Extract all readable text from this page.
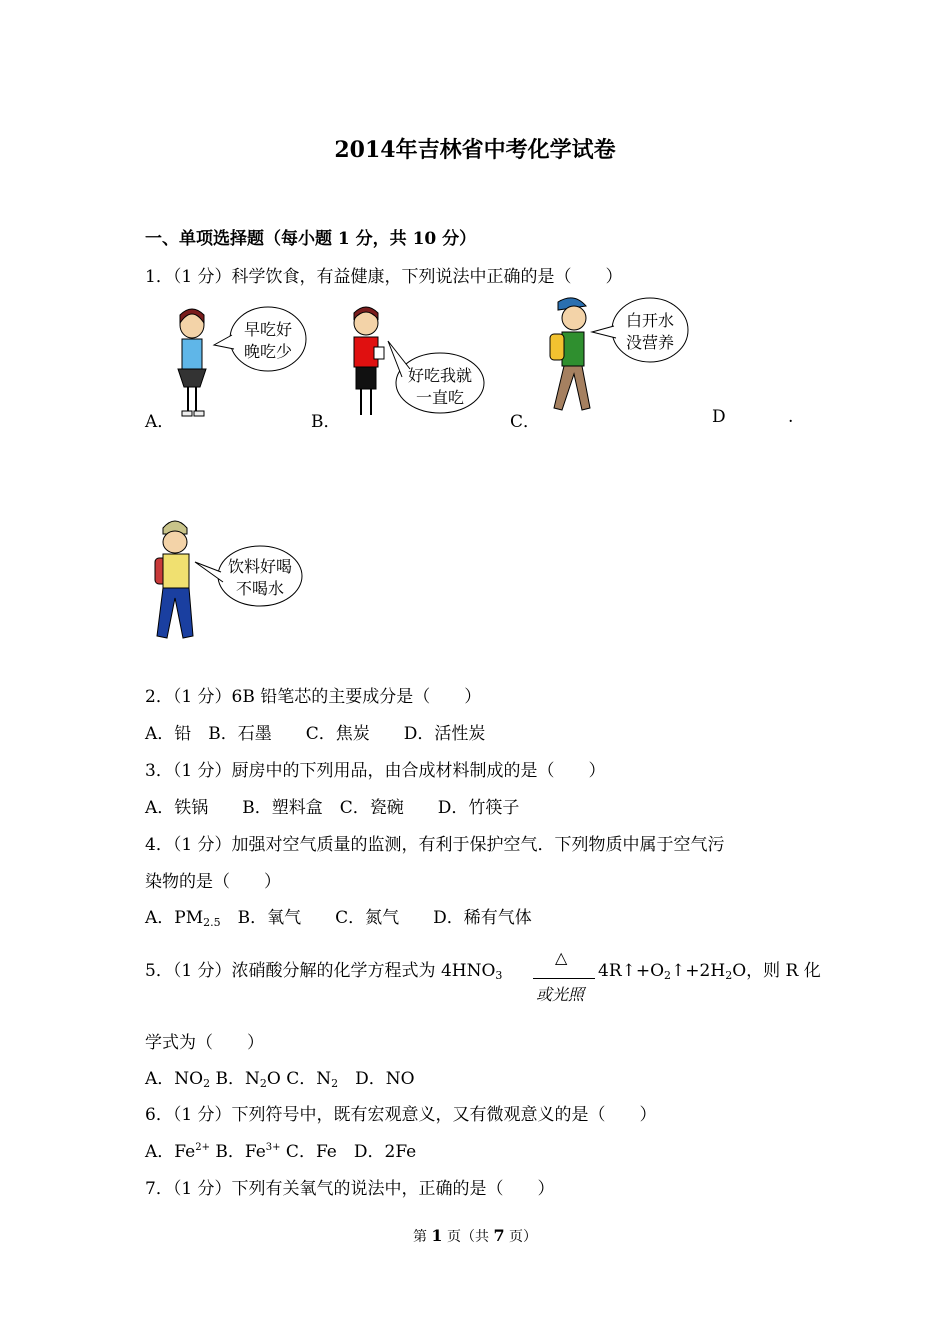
2014年吉林省中考化学试卷
一、单项选择题（每小题 1 分，共 10 分）
1．（1 分）科学饮食，有益健康，下列说法中正确的是（　　）
早吃好
晚吃少
A．
好吃我就
一直吃
B．
白开水
没营养
C．	D	.
饮料好喝
不喝水
2．（1 分）6B 铅笔芯的主要成分是（　　）
A．铅　B．石墨　　C．焦炭　　D．活性炭
3．（1 分）厨房中的下列用品，由合成材料制成的是（　　）
A．铁锅　　B．塑料盒　C．瓷碗　　D．竹筷子
4．（1 分）加强对空气质量的监测，有利于保护空气．下列物质中属于空气污
染物的是（　　）
A．$PM_{2.5}$　B．氧气　　C．氮气　　D．稀有气体
5．（1 分）浓硝酸分解的化学方程式为 $4HNO_3$
△
或光照
$4R↑+O_2↑+2H_2O$，则 R 化
学式为（　　）
A．$NO_2$ B．$N_2O$ C．$N_2$　D．NO
6．（1 分）下列符号中，既有宏观意义，又有微观意义的是（　　）
A．$Fe^{2+}$ B．$Fe^{3+}$ C．Fe　D．2Fe
7．（1 分）下列有关氧气的说法中，正确的是（　　）
第 1 页（共 7 页）
